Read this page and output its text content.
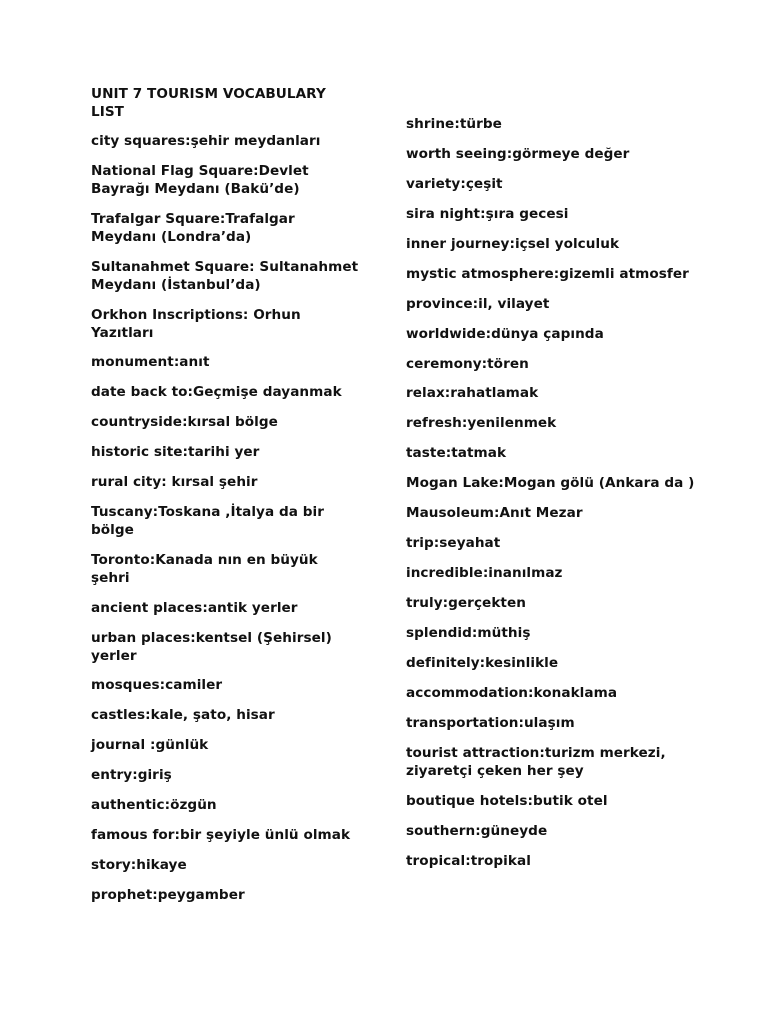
UNIT 7 TOURISM VOCABULARY LIST
city squares:şehir meydanları
National Flag Square:Devlet Bayrağı Meydanı (Bakü’de)
Trafalgar Square:Trafalgar Meydanı (Londra’da)
Sultanahmet Square: Sultanahmet Meydanı (İstanbul’da)
Orkhon Inscriptions: Orhun Yazıtları
monument:anıt
date back to:Geçmişe dayanmak
countryside:kırsal bölge
historic site:tarihi yer
rural city: kırsal şehir
Tuscany:Toskana ,İtalya da bir bölge
Toronto:Kanada nın en büyük şehri
ancient places:antik yerler
urban places:kentsel (Şehirsel) yerler
mosques:camiler
castles:kale, şato, hisar
journal :günlük
entry:giriş
authentic:özgün
famous for:bir şeyiyle ünlü olmak
story:hikaye
prophet:peygamber
shrine:türbe
worth seeing:görmeye değer
variety:çeşit
sira night:şıra gecesi
inner journey:içsel yolculuk
mystic atmosphere:gizemli atmosfer
province:il, vilayet
worldwide:dünya çapında
ceremony:tören
relax:rahatlamak
refresh:yenilenmek
taste:tatmak
Mogan Lake:Mogan gölü (Ankara da )
Mausoleum:Anıt Mezar
trip:seyahat
incredible:inanılmaz
truly:gerçekten
splendid:müthiş
definitely:kesinlikle
accommodation:konaklama
transportation:ulaşım
tourist attraction:turizm merkezi, ziyaretçi çeken her şey
boutique hotels:butik otel
southern:güneyde
tropical:tropikal
